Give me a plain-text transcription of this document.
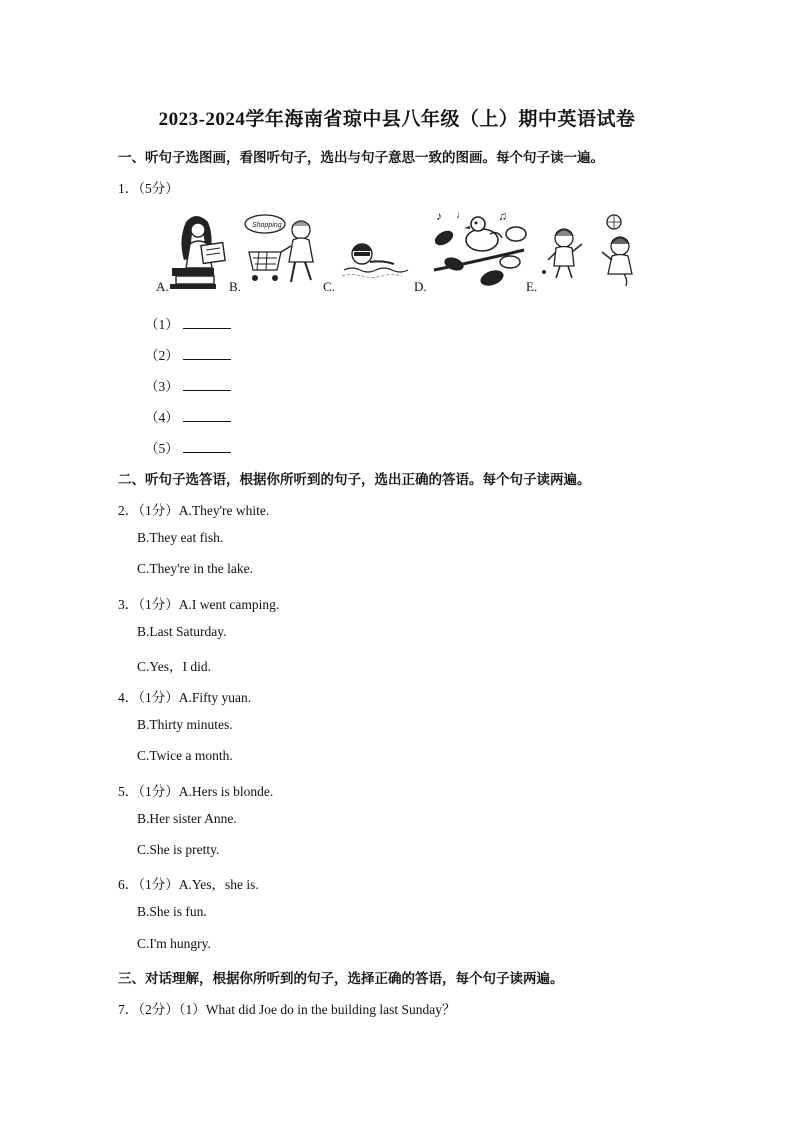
2023-2024学年海南省琼中县八年级（上）期中英语试卷
一、听句子选图画，看图听句子，选出与句子意思一致的图画。每个句子读一遍。
1．（5分）
A.	B.
Shopping
C.	D.
♪	♫
♩
E.
（1）
（2）
（3）
（4）
（5）
二、听句子选答语，根据你所听到的句子，选出正确的答语。每个句子读两遍。
2．（1分）A.They're white.
B.They eat fish.
C.They're in the lake.
3．（1分）A.I went camping.
B.Last Saturday.
C.Yes，I did.
4．（1分）A.Fifty yuan.
B.Thirty minutes.
C.Twice a month.
5．（1分）A.Hers is blonde.
B.Her sister Anne.
C.She is pretty.
6．（1分）A.Yes，she is.
B.She is fun.
C.I'm hungry.
三、对话理解，根据你所听到的句子，选择正确的答语，每个句子读两遍。
7．（2分）（1）What did Joe do in the building last Sunday？
